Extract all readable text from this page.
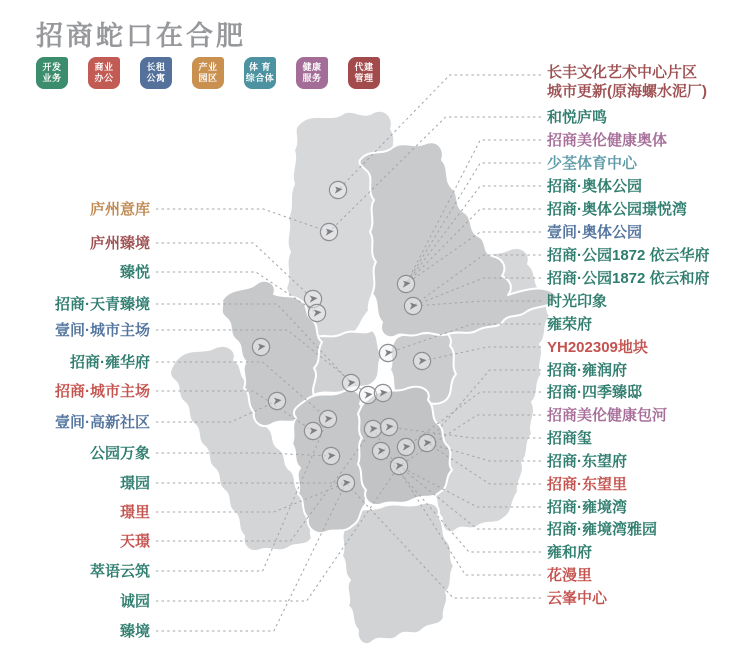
招商蛇口在合肥
开发
业务
商业
办公
长租
公寓
产业
园区
体 育
综合体
健康
服务
代建
管理
庐州意库
庐州臻境
臻悦
招商·天青臻境
壹间·城市主场
招商·雍华府
招商·城市主场
壹间·高新社区
公园万象
璟园
璟里
天璟
萃语云筑
诚园
臻境
长丰文化艺术中心片区
城市更新(原海螺水泥厂)
和悦庐鸣
招商美伦健康奥体
少荃体育中心
招商·奥体公园
招商·奥体公园璟悦湾
壹间·奥体公园
招商·公园1872 依云华府
招商·公园1872 依云和府
时光印象
雍荣府
YH202309地块
招商·雍润府
招商·四季臻邸
招商美伦健康包河
招商玺
招商·东望府
招商·东望里
招商·雍境湾
招商·雍境湾雅园
雍和府
花漫里
云峯中心
